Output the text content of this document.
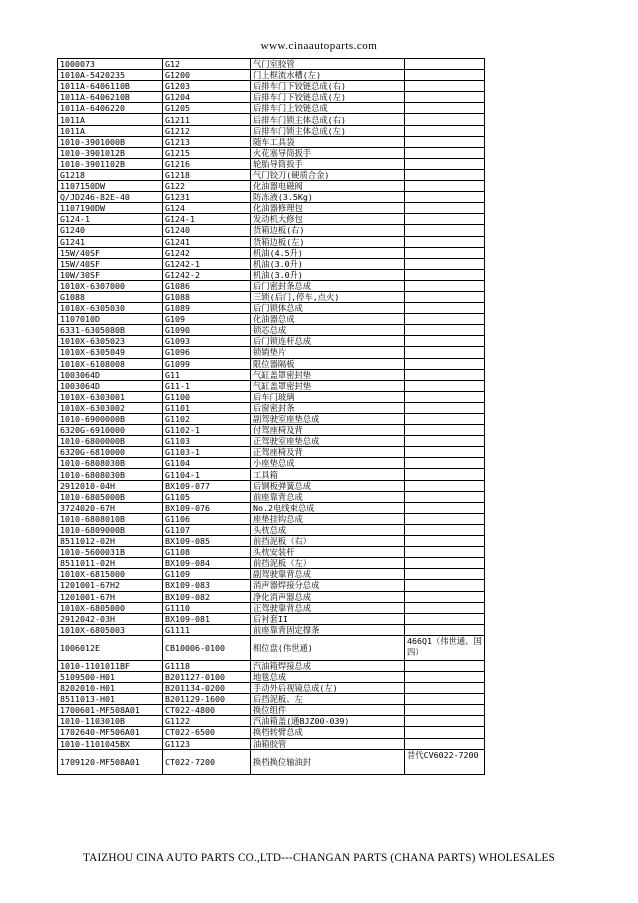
www.cinaautoparts.com
1000073	G12	气门室胶管	
1010A-5420235	G1200	门上框流水槽(左)	
1011A-6406110B	G1203	后排车门下铰链总成(右)	
1011A-6406210B	G1204	后排车门下铰链总成(左)	
1011A-6406220	G1205	后排车门上铰链总成	
1011A	G1211	后排车门锁主体总成(右)	
1011A	G1212	后排车门锁主体总成(左)	
1010-3901000B	G1213	随车工具袋	
1010-3901012B	G1215	火花塞导筒扳手	
1010-3901102B	G1216	轮胎导筒扳手	
G1218	G1218	气门铰刀(硬质合金)	
1107150DW	G122	化油器电磁阀	
Q/JD246-82E-40	G1231	防冻液(3.5Kg)	
1107190DW	G124	化油器修理包	
G124-1	G124-1	发动机大修包	
G1240	G1240	货箱边板(右)	
G1241	G1241	货箱边板(左)	
15W/40SF	G1242	机油(4.5升)	
15W/40SF	G1242-1	机油(3.0升)	
10W/30SF	G1242-2	机油(3.0升)	
1010X-6307000	G1086	后门密封条总成	
G1088	G1088	三锁(后门,停车,点火)	
1010X-6305030	G1089	后门锁体总成	
1107010D	G109	化油器总成	
6331-6305080B	G1090	锁芯总成	
1010X-6305023	G1093	后门锁连杆总成	
1010X-6305049	G1096	锁销垫片	
1010X-6108008	G1099	限位器隔板	
1003064D	G11	气缸盖罩密封垫	
1003064D	G11-1	气缸盖罩密封垫	
1010X-6303001	G1100	后车门玻璃	
1010X-6303002	G1101	后窗密封条	
1010-6900000B	G1102	副驾驶室座垫总成	
6320G-6910000	G1102-1	付驾座椅及背	
1010-6800000B	G1103	正驾驶室座垫总成	
6320G-6810000	G1103-1	正驾座椅及背	
1010-6808030B	G1104	小座垫总成	
1010-6808030B	G1104-1	工具箱	
2912010-04H	BX109-077	后钢板弹簧总成	
1010-6805000B	G1105	前座靠背总成	
3724020-67H	BX109-076	No.2电线束总成	
1010-6808010B	G1106	座垫挂钩总成	
1010-6809000B	G1107	头枕总成	
8511012-02H	BX109-085	前挡泥板（右）	
1010-5600031B	G1108	头枕安装杆	
8511011-02H	BX109-084	前挡泥板（左）	
1010X-6815000	G1109	副驾驶靠背总成	
1201001-67H2	BX109-083	消声器焊接分总成	
1201001-67H	BX109-082	净化消声器总成	
1010X-6805000	G1110	正驾驶靠背总成	
2912042-03H	BX109-081	后衬套II	
1010X-6805003	G1111	前座靠背固定撑条	
1006012E	CB10006-0100	相位盘(伟世通)	466Q1（伟世通、国四）
1010-1101011BF	G1118	汽油箱焊接总成	
5109500-H01	B201127-0100	地毯总成	
8202010-H01	B201134-0200	手动外后视镜总成(左)	
8511013-H01	B201129-1600	后挡泥板、左	
1700601-MF508A01	CT022-4800	换位组件	
1010-1103010B	G1122	汽油箱盖(通BJZ00-039)	
1702640-MF506A01	CT022-6500	换档转臂总成	
1010-1101045BX	G1123	油箱胶管	
1709120-MF508A01	CT022-7200	换档换位轴油封	昔代CV6022-7200
TAIZHOU CINA AUTO PARTS CO.,LTD---CHANGAN PARTS (CHANA PARTS) WHOLESALES
